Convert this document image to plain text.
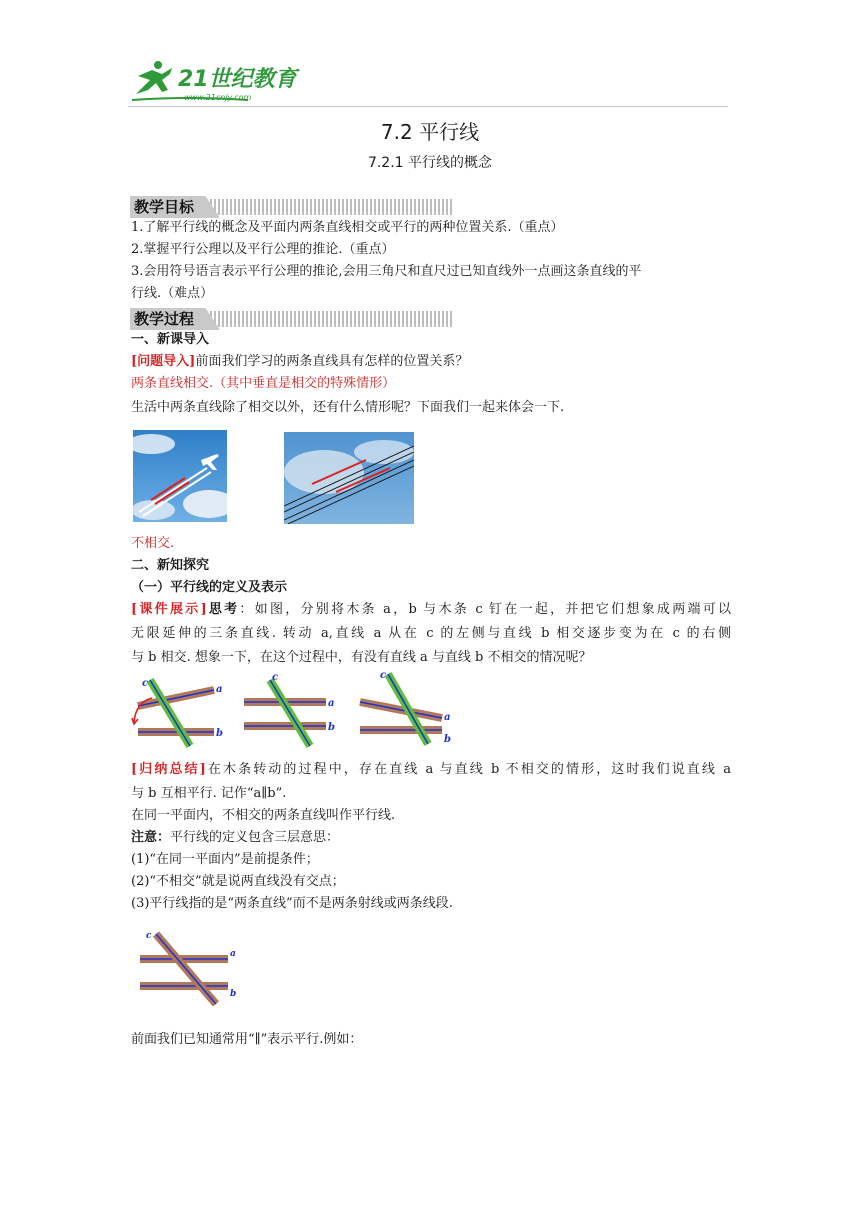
21世纪教育
www.21cnjy.com
7.2 平行线
7.2.1 平行线的概念
教学目标
1.了解平行线的概念及平面内两条直线相交或平行的两种位置关系.（重点）
2.掌握平行公理以及平行公理的推论.（重点）
3.会用符号语言表示平行公理的推论,会用三角尺和直尺过已知直线外一点画这条直线的平
行线.（难点）
教学过程
一、新课导入
[问题导入]前面我们学习的两条直线具有怎样的位置关系？
两条直线相交.（其中垂直是相交的特殊情形）
生活中两条直线除了相交以外，还有什么情形呢？下面我们一起来体会一下.
不相交.
二、新知探究
（一）平行线的定义及表示
[课件展示]思考：如图，分别将木条 a，b 与木条 c 钉在一起，并把它们想象成两端可以
无限延伸的三条直线. 转动 a,直线 a 从在 c 的左侧与直线 b 相交逐步变为在 c 的右侧
与 b 相交. 想象一下，在这个过程中，有没有直线 a 与直线 b 不相交的情况呢？
c
a
b
c
a
b
c
a
b
[归纳总结]在木条转动的过程中，存在直线 a 与直线 b 不相交的情形，这时我们说直线 a
与 b 互相平行. 记作“a∥b”.
在同一平面内，不相交的两条直线叫作平行线.
注意：平行线的定义包含三层意思：
(1)“在同一平面内”是前提条件；
(2)“不相交”就是说两直线没有交点；
(3)平行线指的是“两条直线”而不是两条射线或两条线段.
c
a
b
前面我们已知通常用“∥”表示平行.例如：
